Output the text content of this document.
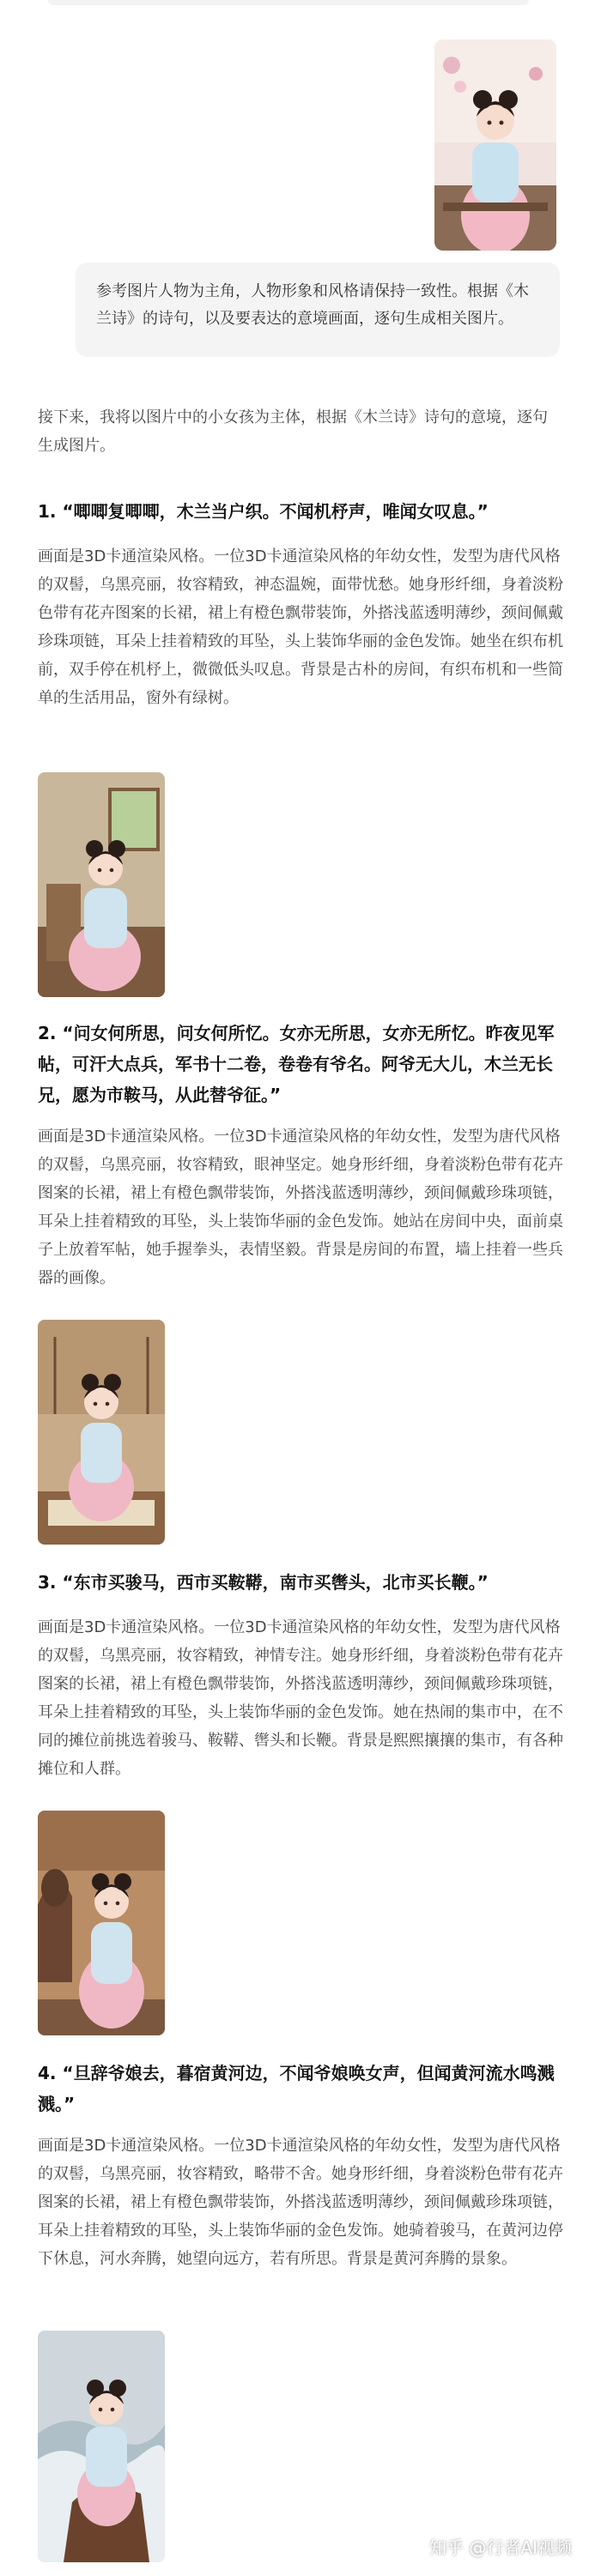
参考图片人物为主角，人物形象和风格请保持一致性。根据《木兰诗》的诗句，以及要表达的意境画面，逐句生成相关图片。
接下来，我将以图片中的小女孩为主体，根据《木兰诗》诗句的意境，逐句生成图片。
1. “唧唧复唧唧，木兰当户织。不闻机杼声，唯闻女叹息。”
画面是3D卡通渲染风格。一位3D卡通渲染风格的年幼女性，发型为唐代风格的双髻，乌黑亮丽，妆容精致，神态温婉，面带忧愁。她身形纤细，身着淡粉色带有花卉图案的长裙，裙上有橙色飘带装饰，外搭浅蓝透明薄纱，颈间佩戴珍珠项链，耳朵上挂着精致的耳坠，头上装饰华丽的金色发饰。她坐在织布机前，双手停在机杼上，微微低头叹息。背景是古朴的房间，有织布机和一些简单的生活用品，窗外有绿树。
2. “问女何所思，问女何所忆。女亦无所思，女亦无所忆。昨夜见军帖，可汗大点兵，军书十二卷，卷卷有爷名。阿爷无大儿，木兰无长兄，愿为市鞍马，从此替爷征。”
画面是3D卡通渲染风格。一位3D卡通渲染风格的年幼女性，发型为唐代风格的双髻，乌黑亮丽，妆容精致，眼神坚定。她身形纤细，身着淡粉色带有花卉图案的长裙，裙上有橙色飘带装饰，外搭浅蓝透明薄纱，颈间佩戴珍珠项链，耳朵上挂着精致的耳坠，头上装饰华丽的金色发饰。她站在房间中央，面前桌子上放着军帖，她手握拳头，表情坚毅。背景是房间的布置，墙上挂着一些兵器的画像。
3. “东市买骏马，西市买鞍鞯，南市买辔头，北市买长鞭。”
画面是3D卡通渲染风格。一位3D卡通渲染风格的年幼女性，发型为唐代风格的双髻，乌黑亮丽，妆容精致，神情专注。她身形纤细，身着淡粉色带有花卉图案的长裙，裙上有橙色飘带装饰，外搭浅蓝透明薄纱，颈间佩戴珍珠项链，耳朵上挂着精致的耳坠，头上装饰华丽的金色发饰。她在热闹的集市中，在不同的摊位前挑选着骏马、鞍鞯、辔头和长鞭。背景是熙熙攘攘的集市，有各种摊位和人群。
4. “旦辞爷娘去，暮宿黄河边，不闻爷娘唤女声，但闻黄河流水鸣溅溅。”
画面是3D卡通渲染风格。一位3D卡通渲染风格的年幼女性，发型为唐代风格的双髻，乌黑亮丽，妆容精致，略带不舍。她身形纤细，身着淡粉色带有花卉图案的长裙，裙上有橙色飘带装饰，外搭浅蓝透明薄纱，颈间佩戴珍珠项链，耳朵上挂着精致的耳坠，头上装饰华丽的金色发饰。她骑着骏马，在黄河边停下休息，河水奔腾，她望向远方，若有所思。背景是黄河奔腾的景象。
知乎 @行者AI视频
